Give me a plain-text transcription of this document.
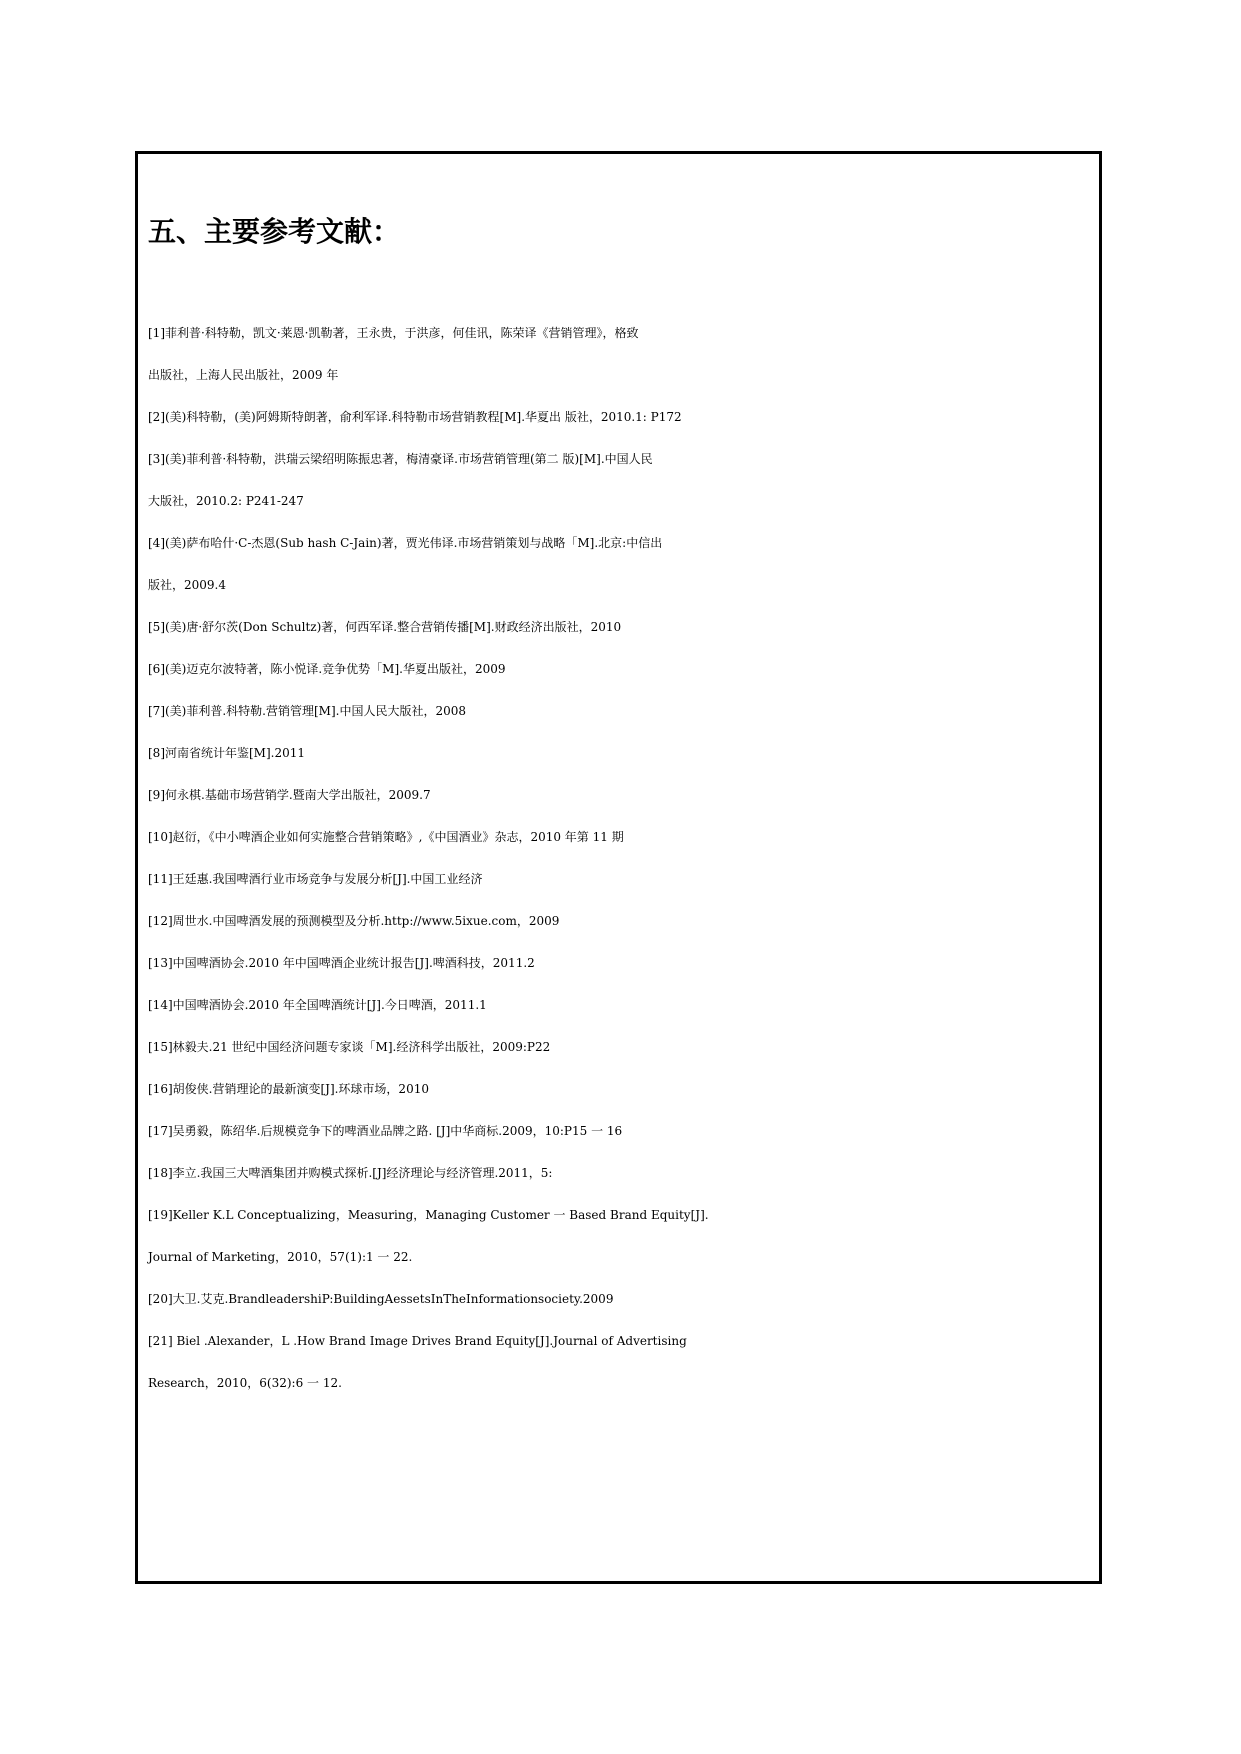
五、主要参考文献：
[1]菲利普·科特勒，凯文·莱恩·凯勒著，王永贵，于洪彦，何佳讯，陈荣译《营销管理》，格致
出版社，上海人民出版社，2009 年
[2](美)科特勒，(美)阿姆斯特朗著，俞利军译.科特勒市场营销教程[M].华夏出 版社，2010.1: P172
[3](美)菲利普·科特勒，洪瑞云梁绍明陈振忠著，梅清豪译.市场营销管理(第二 版)[M].中国人民
大版社，2010.2: P241-247
[4](美)萨布哈什·C-杰恩(Sub hash C-Jain)著，贾光伟译.市场营销策划与战略「M].北京:中信出
版社，2009.4
[5](美)唐·舒尔茨(Don Schultz)著，何西军译.整合营销传播[M].财政经济出版社，2010
[6](美)迈克尔波特著，陈小悦译.竞争优势「M].华夏出版社，2009
[7](美)菲利普.科特勒.营销管理[M].中国人民大版社，2008
[8]河南省统计年鉴[M].2011
[9]何永棋.基础市场营销学.暨南大学出版社，2009.7
[10]赵衍，《中小啤酒企业如何实施整合营销策略》,《中国酒业》杂志，2010 年第 11 期
[11]王廷惠.我国啤酒行业市场竞争与发展分析[J].中国工业经济
[12]周世水.中国啤酒发展的预测模型及分析.http://www.5ixue.com，2009
[13]中国啤酒协会.2010 年中国啤酒企业统计报告[J].啤酒科技，2011.2
[14]中国啤酒协会.2010 年全国啤酒统计[J].今日啤酒，2011.1
[15]林毅夫.21 世纪中国经济问题专家谈「M].经济科学出版社，2009:P22
[16]胡俊侠.营销理论的最新演变[J].环球市场，2010
[17]吴勇毅，陈绍华.后规模竞争下的啤酒业品牌之路. [J]中华商标.2009，10:P15 一 16
[18]李立.我国三大啤酒集团并购模式探析.[J]经济理论与经济管理.2011，5:
[19]Keller K.L Conceptualizing，Measuring，Managing Customer 一 Based Brand Equity[J].
Journal of Marketing，2010，57(1):1 一 22.
[20]大卫.艾克.BrandleadershiP:BuildingAessetsInTheInformationsociety.2009
[21] Biel .Alexander，L .How Brand Image Drives Brand Equity[J].Journal of Advertising
Research，2010，6(32):6 一 12.
